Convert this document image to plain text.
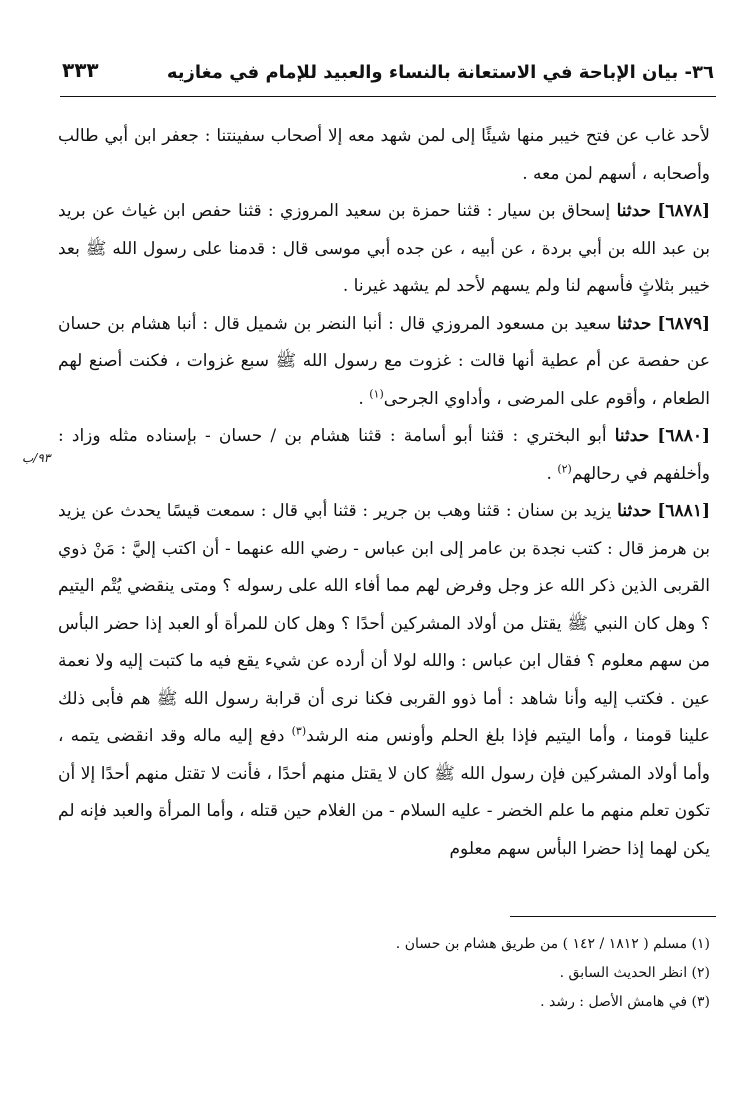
٣٦- بيان الإباحة في الاستعانة بالنساء والعبيد للإمام في مغازيه
٣٣٣
٩٣/ب

لأحد غاب عن فتح خيبر منها شيئًا إلى لمن شهد معه إلا أصحاب سفينتنا : جعفر ابن أبي طالب وأصحابه ، أسهم لمن معه .

[٦٨٧٨] حدثنا إسحاق بن سيار : قثنا حمزة بن سعيد المروزي : قثنا حفص ابن غياث عن بريد بن عبد الله بن أبي بردة ، عن أبيه ، عن جده أبي موسى قال : قدمنا على رسول الله ﷺ بعد خيبر بثلاثٍ فأسهم لنا ولم يسهم لأحد لم يشهد غيرنا .

[٦٨٧٩] حدثنا سعيد بن مسعود المروزي قال : أنبا النضر بن شميل قال : أنبا هشام بن حسان عن حفصة عن أم عطية أنها قالت : غزوت مع رسول الله ﷺ سبع غزوات ، فكنت أصنع لهم الطعام ، وأقوم على المرضى ، وأداوي الجرحى$^{(١)}$ .

[٦٨٨٠] حدثنا أبو البختري : قثنا أبو أسامة : قثنا هشام بن / حسان - بإسناده مثله وزاد : وأخلفهم في رحالهم$^{(٢)}$ .

[٦٨٨١] حدثنا يزيد بن سنان : قثنا وهب بن جرير : قثنا أبي قال : سمعت قيسًا يحدث عن يزيد بن هرمز قال : كتب نجدة بن عامر إلى ابن عباس - رضي الله عنهما - أن اكتب إليَّ : مَنْ ذوي القربى الذين ذكر الله عز وجل وفرض لهم مما أفاء الله على رسوله ؟ ومتى ينقضي يُتْم اليتيم ؟ وهل كان النبي ﷺ يقتل من أولاد المشركين أحدًا ؟ وهل كان للمرأة أو العبد إذا حضر البأس من سهم معلوم ؟ فقال ابن عباس : والله لولا أن أرده عن شيء يقع فيه ما كتبت إليه ولا نعمة عين . فكتب إليه وأنا شاهد : أما ذوو القربى فكنا نرى أن قرابة رسول الله ﷺ هم فأبى ذلك علينا قومنا ، وأما اليتيم فإذا بلغ الحلم وأونس منه الرشد$^{(٣)}$ دفع إليه ماله وقد انقضى يتمه ، وأما أولاد المشركين فإن رسول الله ﷺ كان لا يقتل منهم أحدًا ، فأنت لا تقتل منهم أحدًا إلا أن تكون تعلم منهم ما علم الخضر - عليه السلام - من الغلام حين قتله ، وأما المرأة والعبد فإنه لم يكن لهما إذا حضرا البأس سهم معلوم

(١) مسلم ( ١٨١٢ / ١٤٢ ) من طريق هشام بن حسان .
(٢) انظر الحديث السابق .
(٣) في هامش الأصل : رشد .
